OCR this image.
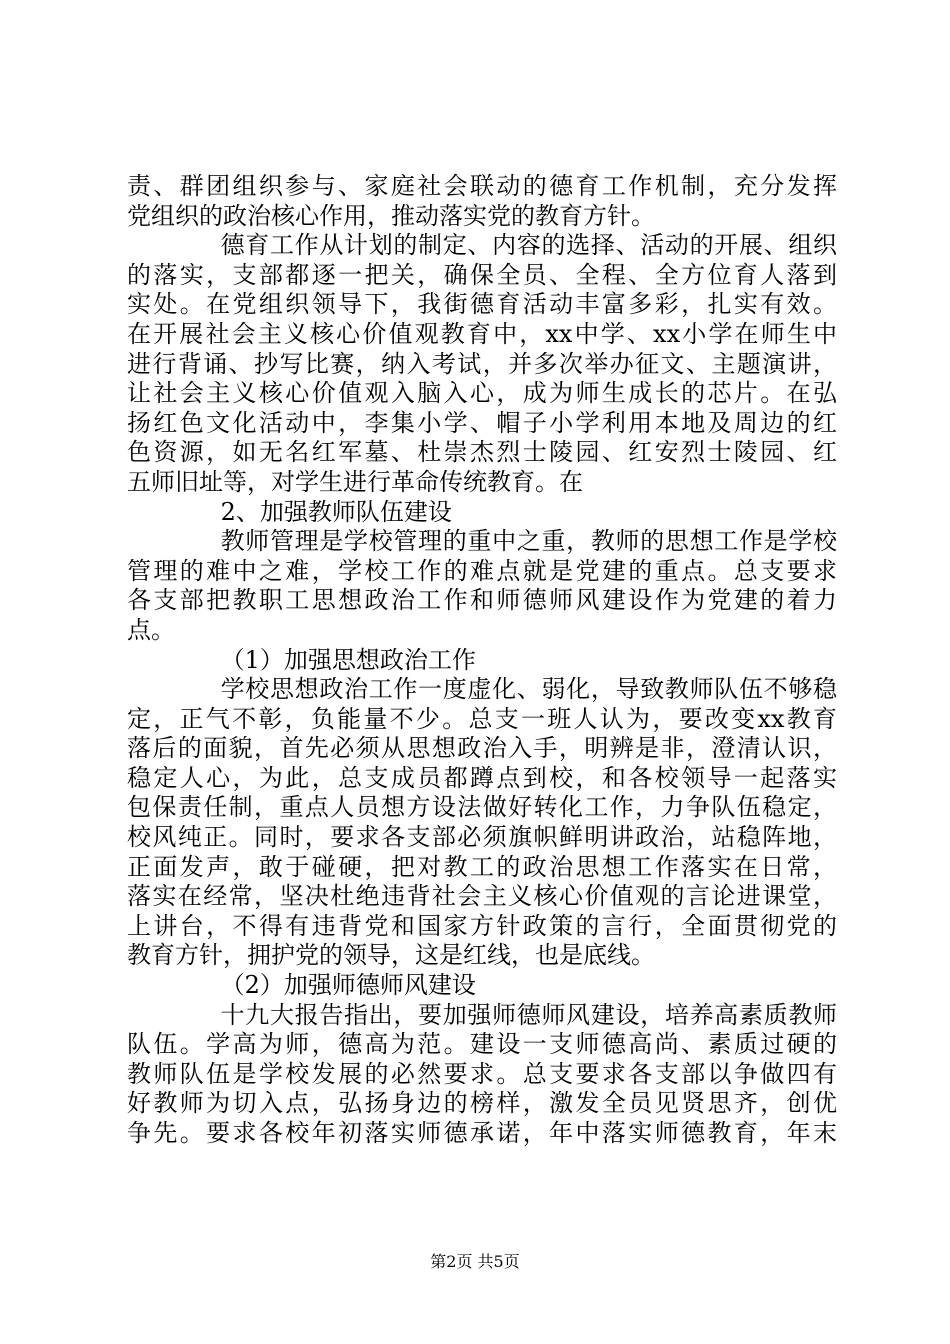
责、群团组织参与、家庭社会联动的德育工作机制，充分发挥
党组织的政治核心作用，推动落实党的教育方针。
德育工作从计划的制定、内容的选择、活动的开展、组织
的落实，支部都逐一把关，确保全员、全程、全方位育人落到
实处。在党组织领导下，我街德育活动丰富多彩，扎实有效。
在开展社会主义核心价值观教育中，xx中学、xx小学在师生中
进行背诵、抄写比赛，纳入考试，并多次举办征文、主题演讲，
让社会主义核心价值观入脑入心，成为师生成长的芯片。在弘
扬红色文化活动中，李集小学、帽子小学利用本地及周边的红
色资源，如无名红军墓、杜崇杰烈士陵园、红安烈士陵园、红
五师旧址等，对学生进行革命传统教育。在
2、加强教师队伍建设
教师管理是学校管理的重中之重，教师的思想工作是学校
管理的难中之难，学校工作的难点就是党建的重点。总支要求
各支部把教职工思想政治工作和师德师风建设作为党建的着力
点。
（1）加强思想政治工作
学校思想政治工作一度虚化、弱化，导致教师队伍不够稳
定，正气不彰，负能量不少。总支一班人认为，要改变xx教育
落后的面貌，首先必须从思想政治入手，明辨是非，澄清认识，
稳定人心，为此，总支成员都蹲点到校，和各校领导一起落实
包保责任制，重点人员想方设法做好转化工作，力争队伍稳定，
校风纯正。同时，要求各支部必须旗帜鲜明讲政治，站稳阵地，
正面发声，敢于碰硬，把对教工的政治思想工作落实在日常，
落实在经常，坚决杜绝违背社会主义核心价值观的言论进课堂，
上讲台，不得有违背党和国家方针政策的言行，全面贯彻党的
教育方针，拥护党的领导，这是红线，也是底线。
（2）加强师德师风建设
十九大报告指出，要加强师德师风建设，培养高素质教师
队伍。学高为师，德高为范。建设一支师德高尚、素质过硬的
教师队伍是学校发展的必然要求。总支要求各支部以争做四有
好教师为切入点，弘扬身边的榜样，激发全员见贤思齐，创优
争先。要求各校年初落实师德承诺，年中落实师德教育，年末
第2页 共5页
